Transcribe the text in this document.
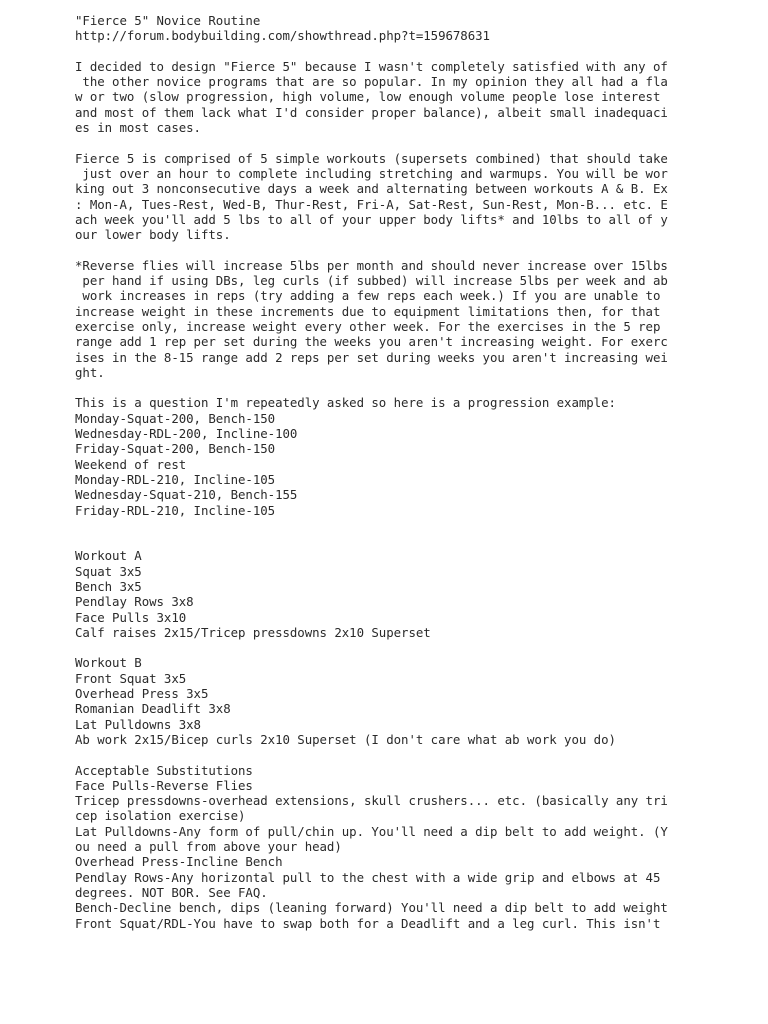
"Fierce 5" Novice Routine
http://forum.bodybuilding.com/showthread.php?t=159678631
I decided to design "Fierce 5" because I wasn't completely satisfied with any of
the other novice programs that are so popular. In my opinion they all had a fla
w or two (slow progression, high volume, low enough volume people lose interest
and most of them lack what I'd consider proper balance), albeit small inadequaci
es in most cases.
Fierce 5 is comprised of 5 simple workouts (supersets combined) that should take
just over an hour to complete including stretching and warmups. You will be wor
king out 3 nonconsecutive days a week and alternating between workouts A & B. Ex
: Mon-A, Tues-Rest, Wed-B, Thur-Rest, Fri-A, Sat-Rest, Sun-Rest, Mon-B... etc. E
ach week you'll add 5 lbs to all of your upper body lifts* and 10lbs to all of y
our lower body lifts.
*Reverse flies will increase 5lbs per month and should never increase over 15lbs
per hand if using DBs, leg curls (if subbed) will increase 5lbs per week and ab
work increases in reps (try adding a few reps each week.) If you are unable to
increase weight in these increments due to equipment limitations then, for that
exercise only, increase weight every other week. For the exercises in the 5 rep
range add 1 rep per set during the weeks you aren't increasing weight. For exerc
ises in the 8-15 range add 2 reps per set during weeks you aren't increasing wei
ght.
This is a question I'm repeatedly asked so here is a progression example:
Monday-Squat-200, Bench-150
Wednesday-RDL-200, Incline-100
Friday-Squat-200, Bench-150
Weekend of rest
Monday-RDL-210, Incline-105
Wednesday-Squat-210, Bench-155
Friday-RDL-210, Incline-105
Workout A
Squat 3x5
Bench 3x5
Pendlay Rows 3x8
Face Pulls 3x10
Calf raises 2x15/Tricep pressdowns 2x10 Superset
Workout B
Front Squat 3x5
Overhead Press 3x5
Romanian Deadlift 3x8
Lat Pulldowns 3x8
Ab work 2x15/Bicep curls 2x10 Superset (I don't care what ab work you do)
Acceptable Substitutions
Face Pulls-Reverse Flies
Tricep pressdowns-overhead extensions, skull crushers... etc. (basically any tri
cep isolation exercise)
Lat Pulldowns-Any form of pull/chin up. You'll need a dip belt to add weight. (Y
ou need a pull from above your head)
Overhead Press-Incline Bench
Pendlay Rows-Any horizontal pull to the chest with a wide grip and elbows at 45
degrees. NOT BOR. See FAQ.
Bench-Decline bench, dips (leaning forward) You'll need a dip belt to add weight
Front Squat/RDL-You have to swap both for a Deadlift and a leg curl. This isn't
